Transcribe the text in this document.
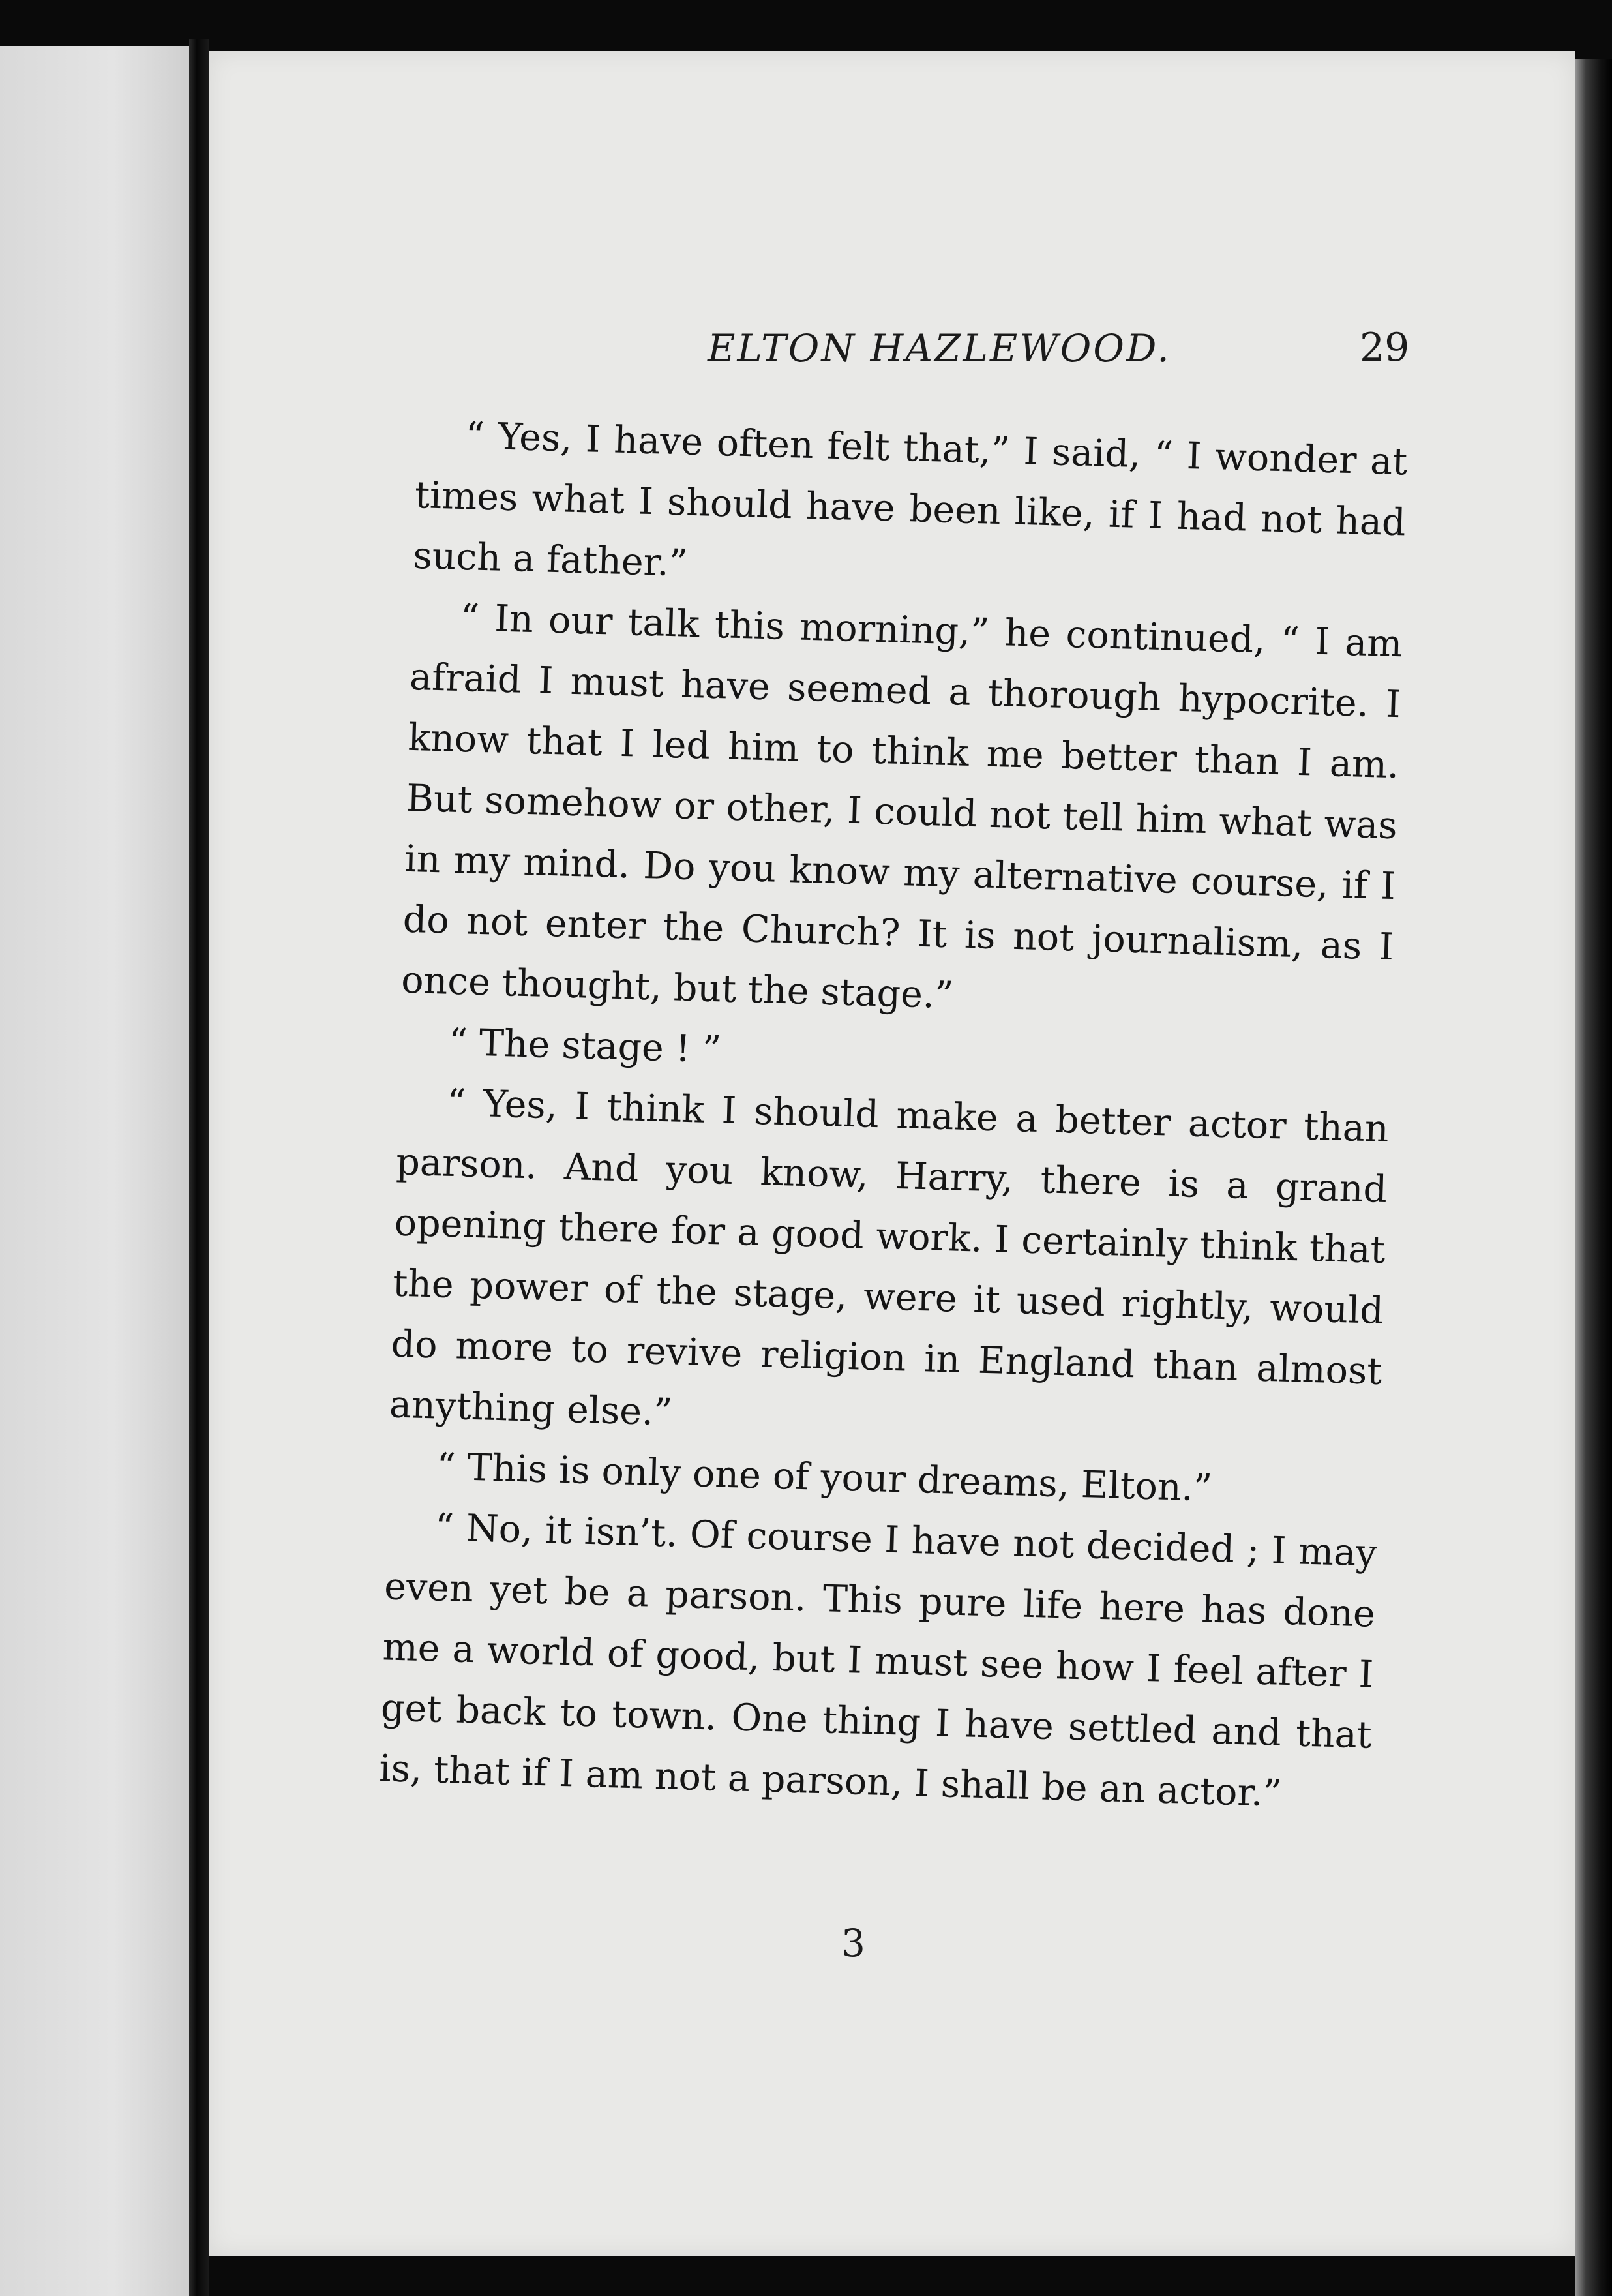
ELTON HAZLEWOOD.	29

“ Yes, I have often felt that,” I said, “ I wonder at times what I should have been like, if I had not had such a father.”

“ In our talk this morning,” he continued, “ I am afraid I must have seemed a thorough hypocrite. I know that I led him to think me better than I am. But somehow or other, I could not tell him what was in my mind. Do you know my alternative course, if I do not enter the Church? It is not journalism, as I once thought, but the stage.”

“ The stage ! ”

“ Yes, I think I should make a better actor than parson. And you know, Harry, there is a grand opening there for a good work. I certainly think that the power of the stage, were it used rightly, would do more to revive religion in England than almost anything else.”

“ This is only one of your dreams, Elton.”

“ No, it isn’t. Of course I have not decided ; I may even yet be a parson. This pure life here has done me a world of good, but I must see how I feel after I get back to town. One thing I have settled and that is, that if I am not a parson, I shall be an actor.”

3
